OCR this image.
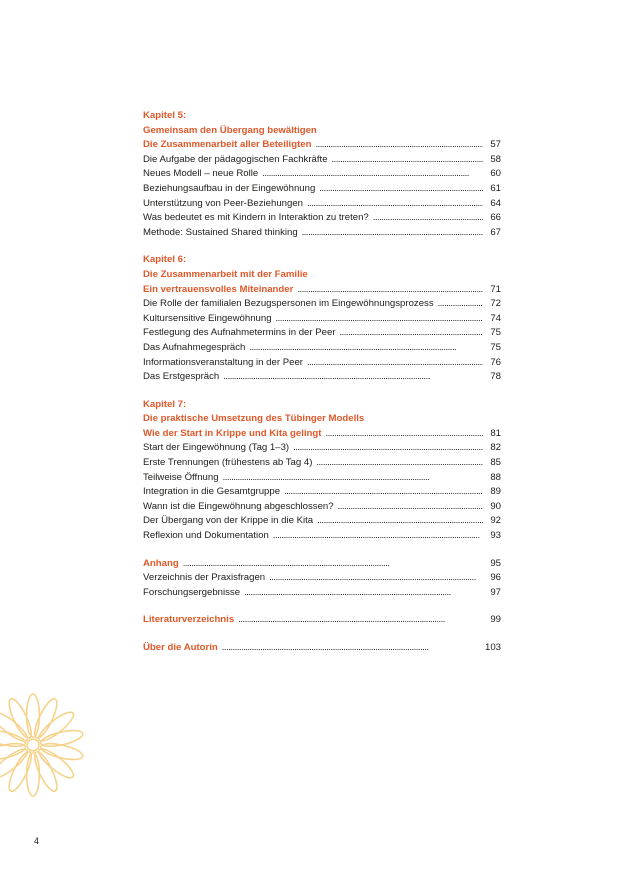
Kapitel 5:
Gemeinsam den Übergang bewältigen
Die Zusammenarbeit aller Beteiligten . . .	57
Die Aufgabe der pädagogischen Fachkräfte . . .	58
Neues Modell – neue Rolle . . .	60
Beziehungsaufbau in der Eingewöhnung . . .	61
Unterstützung von Peer-Beziehungen . . .	64
Was bedeutet es mit Kindern in Interaktion zu treten? . . .	66
Methode: Sustained Shared thinking . . .	67
Kapitel 6:
Die Zusammenarbeit mit der Familie
Ein vertrauensvolles Miteinander . . .	71
Die Rolle der familialen Bezugspersonen im Eingewöhnungsprozess . . .	72
Kultursensitive Eingewöhnung . . .	74
Festlegung des Aufnahmetermins in der Peer . . .	75
Das Aufnahmegespräch . . .	75
Informationsveranstaltung in der Peer . . .	76
Das Erstgespräch . . .	78
Kapitel 7:
Die praktische Umsetzung des Tübinger Modells
Wie der Start in Krippe und Kita gelingt . . .	81
Start der Eingewöhnung (Tag 1–3) . . .	82
Erste Trennungen (frühestens ab Tag 4) . . .	85
Teilweise Öffnung . . .	88
Integration in die Gesamtgruppe . . .	89
Wann ist die Eingewöhnung abgeschlossen? . . .	90
Der Übergang von der Krippe in die Kita . . .	92
Reflexion und Dokumentation . . .	93
Anhang . . .	95
Verzeichnis der Praxisfragen . . .	96
Forschungsergebnisse . . .	97
Literaturverzeichnis . . .	99
Über die Autorin . . .	103
4
